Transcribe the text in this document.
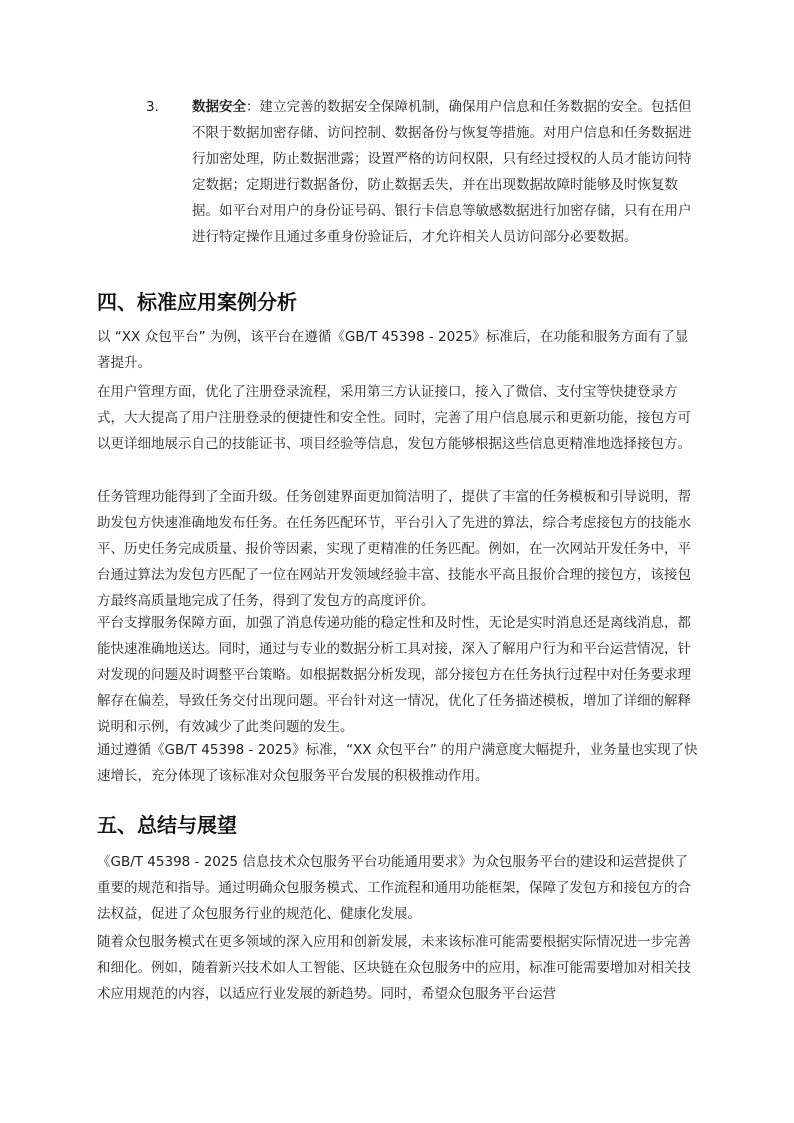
3. 数据安全：建立完善的数据安全保障机制，确保用户信息和任务数据的安全。包括但不限于数据加密存储、访问控制、数据备份与恢复等措施。对用户信息和任务数据进行加密处理，防止数据泄露；设置严格的访问权限，只有经过授权的人员才能访问特定数据；定期进行数据备份，防止数据丢失，并在出现数据故障时能够及时恢复数据。如平台对用户的身份证号码、银行卡信息等敏感数据进行加密存储，只有在用户进行特定操作且通过多重身份验证后，才允许相关人员访问部分必要数据。
四、标准应用案例分析

以 “XX 众包平台” 为例，该平台在遵循《GB/T 45398 - 2025》标准后，在功能和服务方面有了显著提升。

在用户管理方面，优化了注册登录流程，采用第三方认证接口，接入了微信、支付宝等快捷登录方式，大大提高了用户注册登录的便捷性和安全性。同时，完善了用户信息展示和更新功能，接包方可以更详细地展示自己的技能证书、项目经验等信息，发包方能够根据这些信息更精准地选择接包方。

任务管理功能得到了全面升级。任务创建界面更加简洁明了，提供了丰富的任务模板和引导说明，帮助发包方快速准确地发布任务。在任务匹配环节，平台引入了先进的算法，综合考虑接包方的技能水平、历史任务完成质量、报价等因素，实现了更精准的任务匹配。例如，在一次网站开发任务中，平台通过算法为发包方匹配了一位在网站开发领域经验丰富、技能水平高且报价合理的接包方，该接包方最终高质量地完成了任务，得到了发包方的高度评价。

平台支撑服务保障方面，加强了消息传递功能的稳定性和及时性，无论是实时消息还是离线消息，都能快速准确地送达。同时，通过与专业的数据分析工具对接，深入了解用户行为和平台运营情况，针对发现的问题及时调整平台策略。如根据数据分析发现，部分接包方在任务执行过程中对任务要求理解存在偏差，导致任务交付出现问题。平台针对这一情况，优化了任务描述模板，增加了详细的解释说明和示例，有效减少了此类问题的发生。

通过遵循《GB/T 45398 - 2025》标准，“XX 众包平台” 的用户满意度大幅提升，业务量也实现了快速增长，充分体现了该标准对众包服务平台发展的积极推动作用。

五、总结与展望

《GB/T 45398 - 2025 信息技术众包服务平台功能通用要求》为众包服务平台的建设和运营提供了重要的规范和指导。通过明确众包服务模式、工作流程和通用功能框架，保障了发包方和接包方的合法权益，促进了众包服务行业的规范化、健康化发展。

随着众包服务模式在更多领域的深入应用和创新发展，未来该标准可能需要根据实际情况进一步完善和细化。例如，随着新兴技术如人工智能、区块链在众包服务中的应用，标准可能需要增加对相关技术应用规范的内容，以适应行业发展的新趋势。同时，希望众包服务平台运营
